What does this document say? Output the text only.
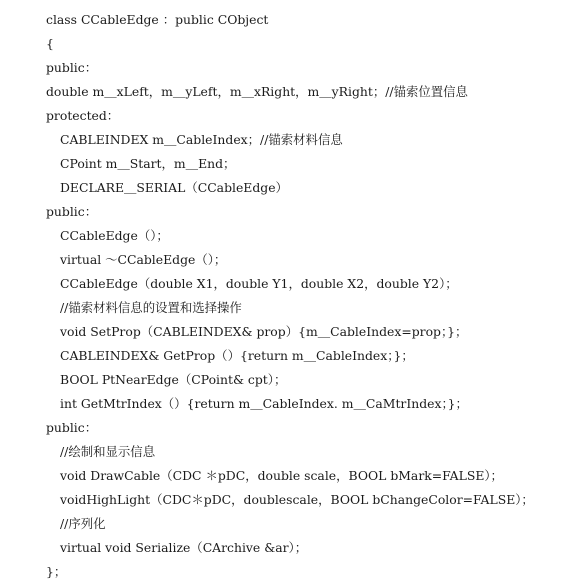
class CCableEdge ：public CObject
{
public：
double m＿xLeft，m＿yLeft，m＿xRight，m＿yRight；//锚索位置信息
protected：
CABLEINDEX m＿CableIndex；//锚索材料信息
CPoint m＿Start，m＿End；
DECLARE＿SERIAL（CCableEdge）
public：
CCableEdge（）；
virtual ～CCableEdge（）；
CCableEdge（double X1，double Y1，double X2，double Y2）；
//锚索材料信息的设置和选择操作
void SetProp（CABLEINDEX& prop）{m＿CableIndex=prop；}；
CABLEINDEX& GetProp（）{return m＿CableIndex；}；
BOOL PtNearEdge（CPoint& cpt）；
int GetMtrIndex（）{return m＿CableIndex. m＿CaMtrIndex；}；
public：
//绘制和显示信息
void DrawCable（CDC ＊pDC，double scale，BOOL bMark=FALSE）；
voidHighLight（CDC＊pDC，doublescale，BOOL bChangeColor=FALSE）；
//序列化
virtual void Serialize（CArchive &ar）；
}；
